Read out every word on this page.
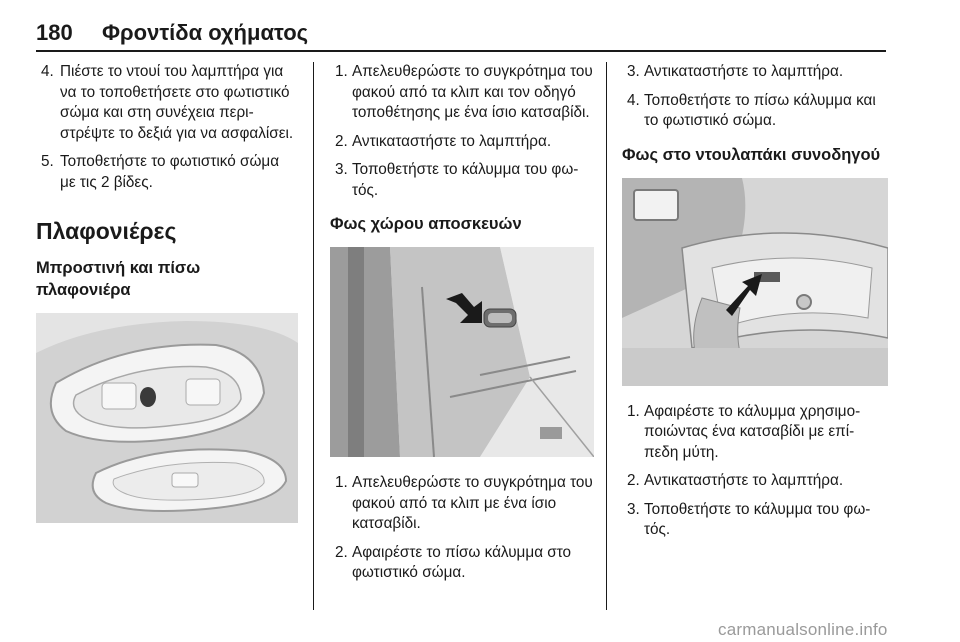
180 Φροντίδα οχήματος
4. Πιέστε το ντουί του λαμπτήρα για να το τοποθετήσετε στο φωτιστικό σώμα και στη συνέχεια περι- στρέψτε το δεξιά για να ασφαλίσει.
5. Τοποθετήστε το φωτιστικό σώμα με τις 2 βίδες.
Πλαφονιέρες
Μπροστινή και πίσω πλαφονιέρα
1. Απελευθερώστε το συγκρότημα του φακού από τα κλιπ και τον οδηγό τοποθέτησης με ένα ίσιο κατσαβίδι.
2. Αντικαταστήστε το λαμπτήρα.
3. Τοποθετήστε το κάλυμμα του φω- τός.
Φως χώρου αποσκευών
1. Απελευθερώστε το συγκρότημα του φακού από τα κλιπ με ένα ίσιο κατσαβίδι.
2. Αφαιρέστε το πίσω κάλυμμα στο φωτιστικό σώμα.
3. Αντικαταστήστε το λαμπτήρα.
4. Τοποθετήστε το πίσω κάλυμμα και το φωτιστικό σώμα.
Φως στο ντουλαπάκι συνοδηγού
1. Αφαιρέστε το κάλυμμα χρησιμο- ποιώντας ένα κατσαβίδι με επί- πεδη μύτη.
2. Αντικαταστήστε το λαμπτήρα.
3. Τοποθετήστε το κάλυμμα του φω- τός.
carmanualsonline.info
